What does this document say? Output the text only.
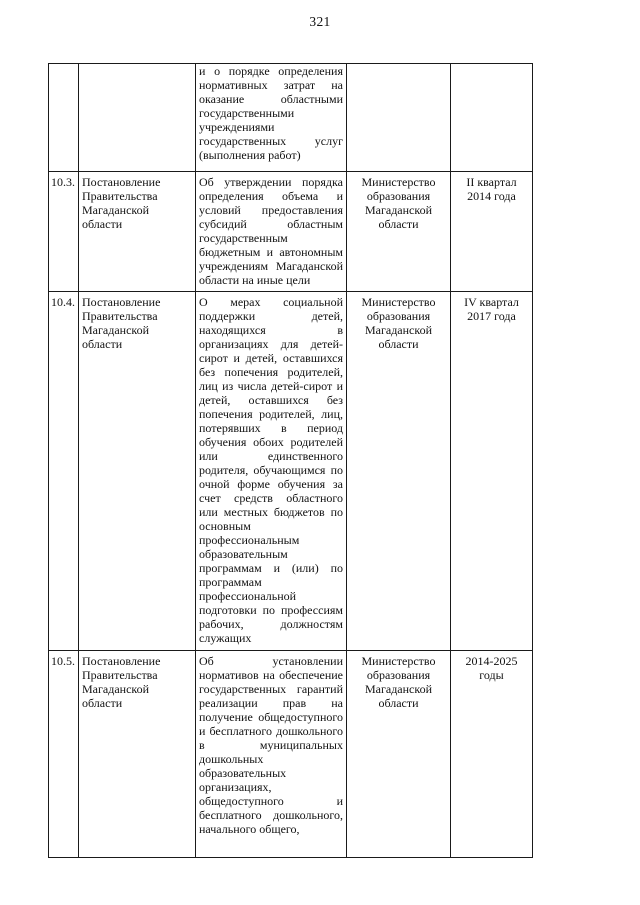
321
		и о порядке определения нормативных затрат на оказание областными государственными учреждениями государственных услуг (выполнения работ)		
10.3.	Постановление Правительства Магаданской области	Об утверждении порядка определения объема и условий предоставления субсидий областным государственным бюджетным и автономным учреждениям Магаданской области на иные цели	Министерство образования Магаданской области	II квартал 2014 года
10.4.	Постановление Правительства Магаданской области	О мерах социальной поддержки детей, находящихся в организациях для детей-сирот и детей, оставшихся без попечения родителей, лиц из числа детей-сирот и детей, оставшихся без попечения родителей, лиц, потерявших в период обучения обоих родителей или единственного родителя, обучающимся по очной форме обучения за счет средств областного или местных бюджетов по основным профессиональным образовательным программам и (или) по программам профессиональной подготовки по профессиям рабочих, должностям служащих	Министерство образования Магаданской области	IV квартал 2017 года
10.5.	Постановление Правительства Магаданской области	Об установлении нормативов на обеспечение государственных гарантий реализации прав на получение общедоступного и бесплатного дошкольного в муниципальных дошкольных образовательных организациях, общедоступного и бесплатного дошкольного, начального общего,	Министерство образования Магаданской области	2014-2025 годы
